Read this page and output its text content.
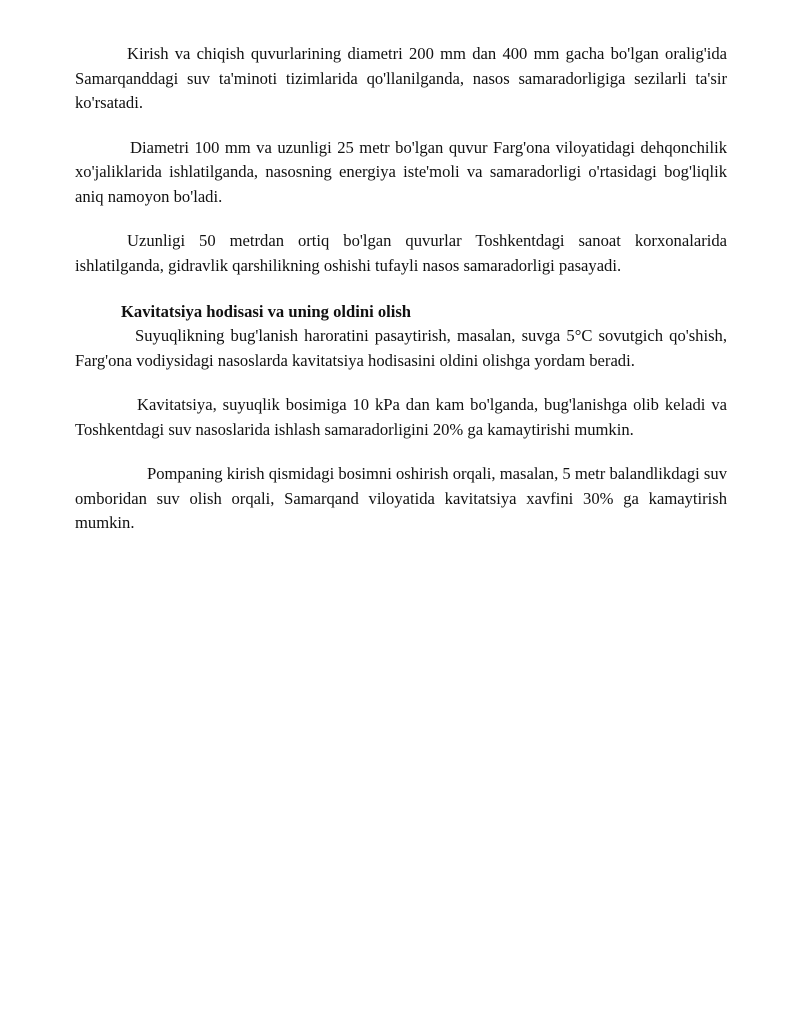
Kirish va chiqish quvurlarining diametri 200 mm dan 400 mm gacha bo'lgan oralig'ida Samarqanddagi suv ta'minoti tizimlarida qo'llanilganda, nasos samaradorligiga sezilarli ta'sir ko'rsatadi.

Diametri 100 mm va uzunligi 25 metr bo'lgan quvur Farg'ona viloyatidagi dehqonchilik xo'jaliklarida ishlatilganda, nasosning energiya iste'moli va samaradorligi o'rtasidagi bog'liqlik aniq namoyon bo'ladi.

Uzunligi 50 metrdan ortiq bo'lgan quvurlar Toshkentdagi sanoat korxonalarida ishlatilganda, gidravlik qarshilikning oshishi tufayli nasos samaradorligi pasayadi.

Kavitatsiya hodisasi va uning oldini olish

Suyuqlikning bug'lanish haroratini pasaytirish, masalan, suvga 5°C sovutgich qo'shish, Farg'ona vodiysidagi nasoslarda kavitatsiya hodisasini oldini olishga yordam beradi.

Kavitatsiya, suyuqlik bosimiga 10 kPa dan kam bo'lganda, bug'lanishga olib keladi va Toshkentdagi suv nasoslarida ishlash samaradorligini 20% ga kamaytirishi mumkin.

Pompaning kirish qismidagi bosimni oshirish orqali, masalan, 5 metr balandlikdagi suv omboridan suv olish orqali, Samarqand viloyatida kavitatsiya xavfini 30% ga kamaytirish mumkin.
